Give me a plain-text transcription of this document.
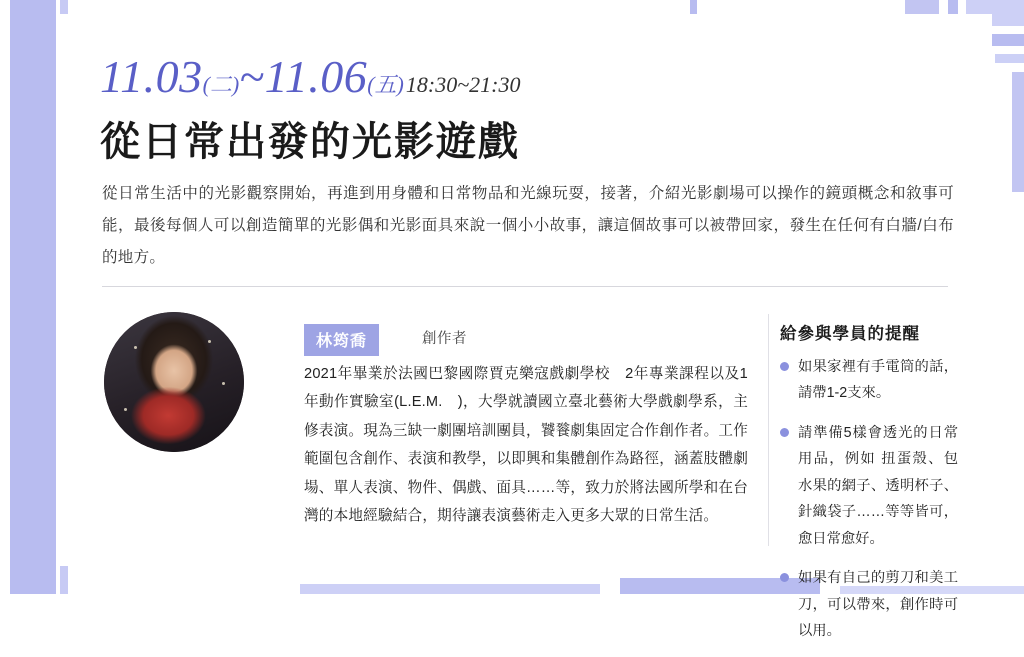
11.03(二)~11.06(五)18:30~21:30
從日常出發的光影遊戲
從日常生活中的光影觀察開始，再進到用身體和日常物品和光線玩耍，接著，介紹光影劇場可以操作的鏡頭概念和敘事可能，最後每個人可以創造簡單的光影偶和光影面具來說一個小小故事，讓這個故事可以被帶回家，發生在任何有白牆/白布的地方。
林筠喬	創作者
2021年畢業於法國巴黎國際賈克樂寇戲劇學校　2年專業課程以及1年動作實驗室(L.E.M.　)，大學就讀國立臺北藝術大學戲劇學系，主修表演。現為三缺一劇團培訓團員，饕餮劇集固定合作創作者。工作範圍包含創作、表演和教學，以即興和集體創作為路徑，涵蓋肢體劇場、單人表演、物件、偶戲、面具……等，致力於將法國所學和在台灣的本地經驗結合，期待讓表演藝術走入更多大眾的日常生活。
給參與學員的提醒
如果家裡有手電筒的話，請帶1-2支來。
請準備5樣會透光的日常用品，例如 扭蛋殼、包水果的網子、透明杯子、針織袋子……等等皆可，愈日常愈好。
如果有自己的剪刀和美工刀，可以帶來，創作時可以用。
